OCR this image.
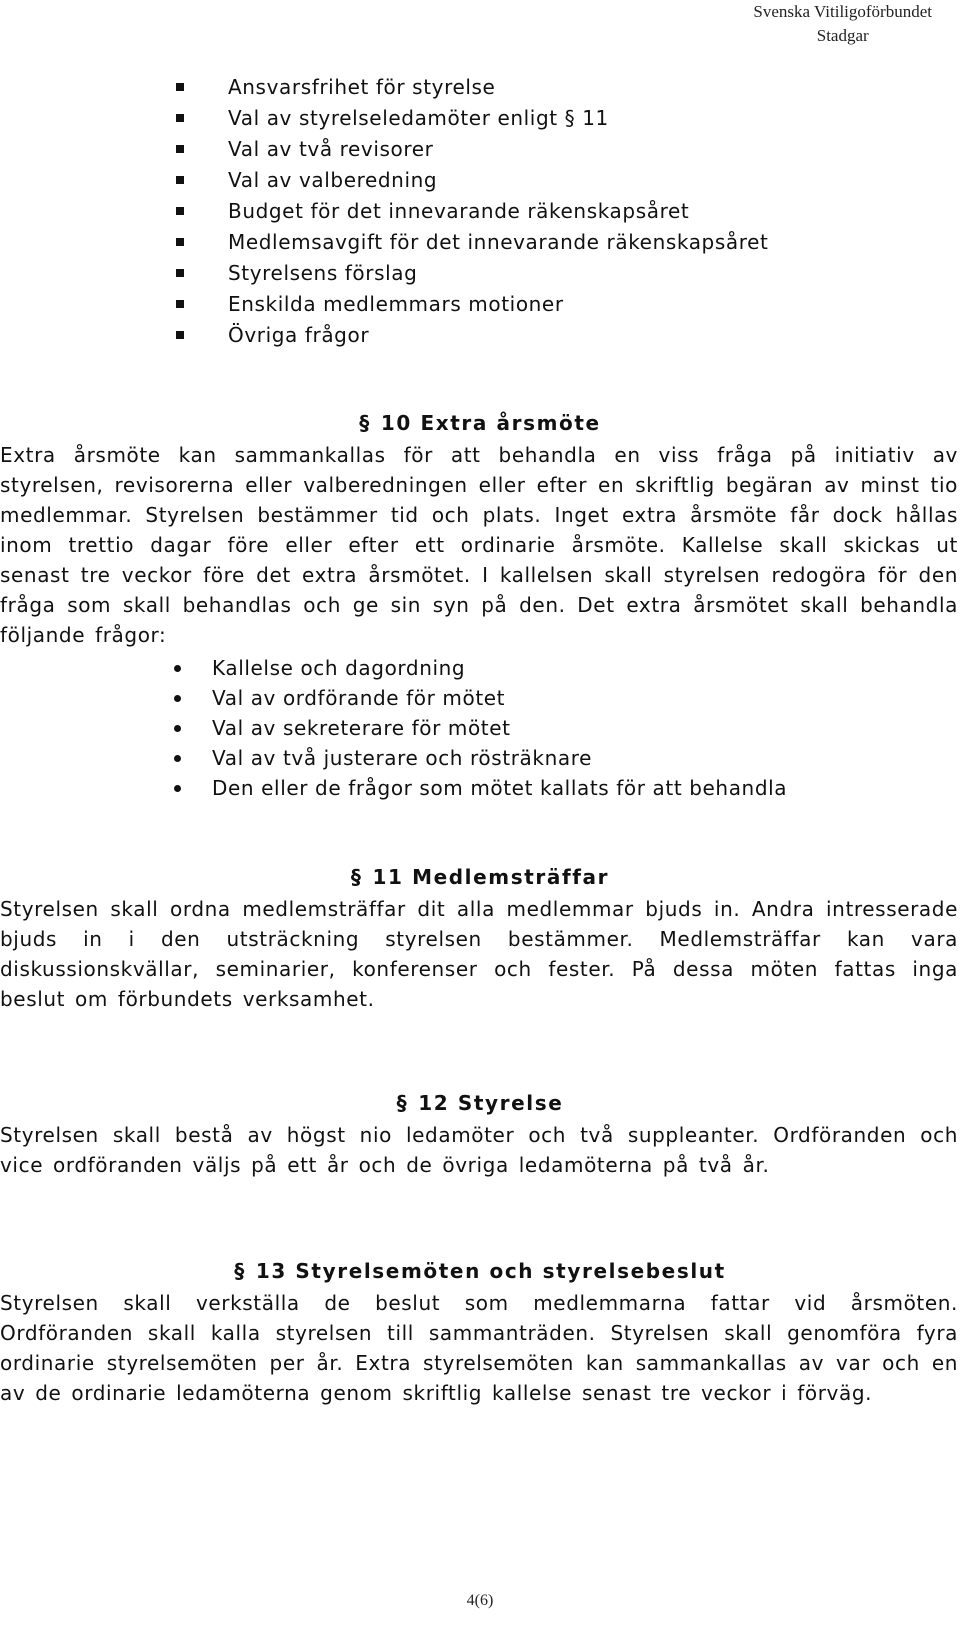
Svenska Vitiligoförbundet
Stadgar
Ansvarsfrihet för styrelse
Val av styrelseledamöter enligt § 11
Val av två revisorer
Val av valberedning
Budget för det innevarande räkenskapsåret
Medlemsavgift för det innevarande räkenskapsåret
Styrelsens förslag
Enskilda medlemmars motioner
Övriga frågor
§ 10 Extra årsmöte

Extra årsmöte kan sammankallas för att behandla en viss fråga på initiativ av styrelsen, revisorerna eller valberedningen eller efter en skriftlig begäran av minst tio medlemmar. Styrelsen bestämmer tid och plats. Inget extra årsmöte får dock hållas inom trettio dagar före eller efter ett ordinarie årsmöte. Kallelse skall skickas ut senast tre veckor före det extra årsmötet. I kallelsen skall styrelsen redogöra för den fråga som skall behandlas och ge sin syn på den. Det extra årsmötet skall behandla följande frågor:

Kallelse och dagordning
Val av ordförande för mötet
Val av sekreterare för mötet
Val av två justerare och rösträknare
Den eller de frågor som mötet kallats för att behandla
§ 11 Medlemsträffar

Styrelsen skall ordna medlemsträffar dit alla medlemmar bjuds in. Andra intresserade bjuds in i den utsträckning styrelsen bestämmer. Medlemsträffar kan vara diskussionskvällar, seminarier, konferenser och fester. På dessa möten fattas inga beslut om förbundets verksamhet.

§ 12 Styrelse

Styrelsen skall bestå av högst nio ledamöter och två suppleanter. Ordföranden och vice ordföranden väljs på ett år och de övriga ledamöterna på två år.

§ 13 Styrelsemöten och styrelsebeslut

Styrelsen skall verkställa de beslut som medlemmarna fattar vid årsmöten. Ordföranden skall kalla styrelsen till sammanträden. Styrelsen skall genomföra fyra ordinarie styrelsemöten per år. Extra styrelsemöten kan sammankallas av var och en av de ordinarie ledamöterna genom skriftlig kallelse senast tre veckor i förväg.

4(6)
